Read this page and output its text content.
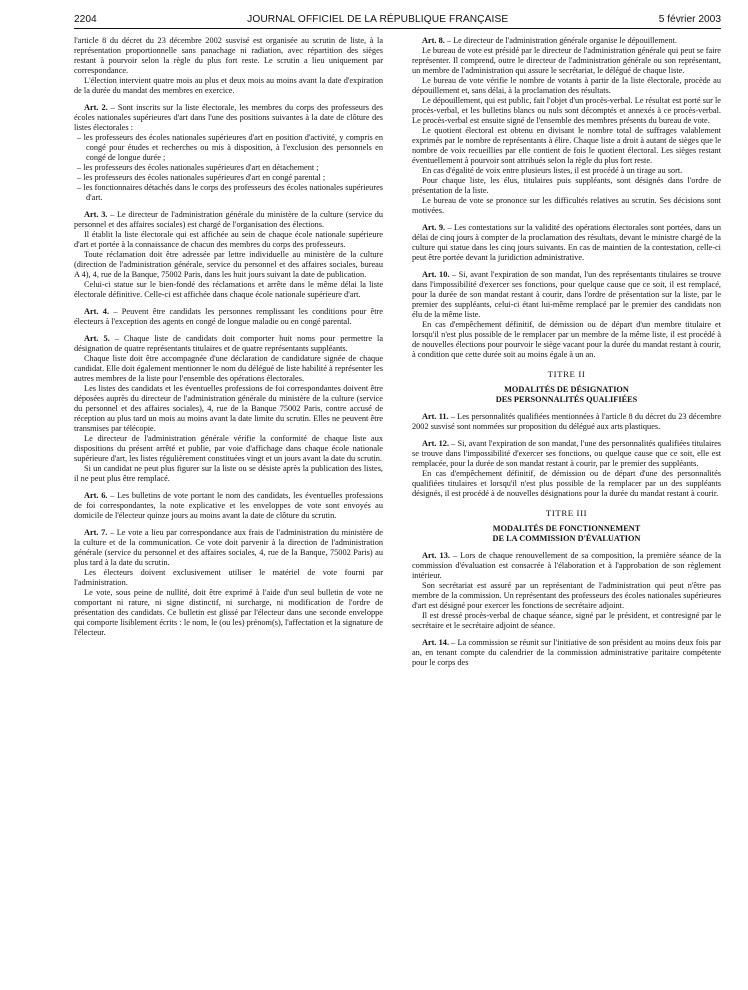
2204	JOURNAL OFFICIEL DE LA RÉPUBLIQUE FRANÇAISE	5 février 2003

l'article 8 du décret du 23 décembre 2002 susvisé est organisée au scrutin de liste, à la représentation proportionnelle sans panachage ni radiation, avec répartition des sièges restant à pourvoir selon la règle du plus fort reste. Le scrutin a lieu uniquement par correspondance.

L'élection intervient quatre mois au plus et deux mois au moins avant la date d'expiration de la durée du mandat des membres en exercice.

Art. 2. – Sont inscrits sur la liste électorale, les membres du corps des professeurs des écoles nationales supérieures d'art dans l'une des positions suivantes à la date de clôture des listes électorales :

– les professeurs des écoles nationales supérieures d'art en position d'activité, y compris en congé pour études et recherches ou mis à disposition, à l'exclusion des personnels en congé de longue durée ;
– les professeurs des écoles nationales supérieures d'art en détachement ;
– les professeurs des écoles nationales supérieures d'art en congé parental ;
– les fonctionnaires détachés dans le corps des professeurs des écoles nationales supérieures d'art.

Art. 3. – Le directeur de l'administration générale du ministère de la culture (service du personnel et des affaires sociales) est chargé de l'organisation des élections.

Il établit la liste électorale qui est affichée au sein de chaque école nationale supérieure d'art et portée à la connaissance de chacun des membres du corps des professeurs.

Toute réclamation doit être adressée par lettre individuelle au ministère de la culture (direction de l'administration générale, service du personnel et des affaires sociales, bureau A 4), 4, rue de la Banque, 75002 Paris, dans les huit jours suivant la date de publication.

Celui-ci statue sur le bien-fondé des réclamations et arrête dans le même délai la liste électorale définitive. Celle-ci est affichée dans chaque école nationale supérieure d'art.

Art. 4. – Peuvent être candidats les personnes remplissant les conditions pour être électeurs à l'exception des agents en congé de longue maladie ou en congé parental.

Art. 5. – Chaque liste de candidats doit comporter huit noms pour permettre la désignation de quatre représentants titulaires et de quatre représentants suppléants.

Chaque liste doit être accompagnée d'une déclaration de candidature signée de chaque candidat. Elle doit également mentionner le nom du délégué de liste habilité à représenter les autres membres de la liste pour l'ensemble des opérations électorales.

Les listes des candidats et les éventuelles professions de foi correspondantes doivent être déposées auprès du directeur de l'administration générale du ministère de la culture (service du personnel et des affaires sociales), 4, rue de la Banque 75002 Paris, contre accusé de réception au plus tard un mois au moins avant la date limite du scrutin. Elles ne peuvent être transmises par télécopie.

Le directeur de l'administration générale vérifie la conformité de chaque liste aux dispositions du présent arrêté et publie, par voie d'affichage dans chaque école nationale supérieure d'art, les listes régulièrement constituées vingt et un jours avant la date du scrutin.

Si un candidat ne peut plus figurer sur la liste ou se désiste après la publication des listes, il ne peut plus être remplacé.

Art. 6. – Les bulletins de vote portant le nom des candidats, les éventuelles professions de foi correspondantes, la note explicative et les enveloppes de vote sont envoyés au domicile de l'électeur quinze jours au moins avant la date de clôture du scrutin.

Art. 7. – Le vote a lieu par correspondance aux frais de l'administration du ministère de la culture et de la communication. Ce vote doit parvenir à la direction de l'administration générale (service du personnel et des affaires sociales, 4, rue de la Banque, 75002 Paris) au plus tard à la date du scrutin.

Les électeurs doivent exclusivement utiliser le matériel de vote fourni par l'administration.

Le vote, sous peine de nullité, doit être exprimé à l'aide d'un seul bulletin de vote ne comportant ni rature, ni signe distinctif, ni surcharge, ni modification de l'ordre de présentation des candidats. Ce bulletin est glissé par l'électeur dans une seconde enveloppe qui comporte lisiblement écrits : le nom, le (ou les) prénom(s), l'affectation et la signature de l'électeur.

Art. 8. – Le directeur de l'administration générale organise le dépouillement.

Le bureau de vote est présidé par le directeur de l'administration générale qui peut se faire représenter. Il comprend, outre le directeur de l'administration générale ou son représentant, un membre de l'administration qui assure le secrétariat, le délégué de chaque liste.

Le bureau de vote vérifie le nombre de votants à partir de la liste électorale, procède au dépouillement et, sans délai, à la proclamation des résultats.

Le dépouillement, qui est public, fait l'objet d'un procès-verbal. Le résultat est porté sur le procès-verbal, et les bulletins blancs ou nuls sont décomptés et annexés à ce procès-verbal. Le procès-verbal est ensuite signé de l'ensemble des membres présents du bureau de vote.

Le quotient électoral est obtenu en divisant le nombre total de suffrages valablement exprimés par le nombre de représentants à élire. Chaque liste a droit à autant de sièges que le nombre de voix recueillies par elle contient de fois le quotient électoral. Les sièges restant éventuellement à pourvoir sont attribués selon la règle du plus fort reste.

En cas d'égalité de voix entre plusieurs listes, il est procédé à un tirage au sort.

Pour chaque liste, les élus, titulaires puis suppléants, sont désignés dans l'ordre de présentation de la liste.

Le bureau de vote se prononce sur les difficultés relatives au scrutin. Ses décisions sont motivées.

Art. 9. – Les contestations sur la validité des opérations électorales sont portées, dans un délai de cinq jours à compter de la proclamation des résultats, devant le ministre chargé de la culture qui statue dans les cinq jours suivants. En cas de maintien de la contestation, celle-ci peut être portée devant la juridiction administrative.

Art. 10. – Si, avant l'expiration de son mandat, l'un des représentants titulaires se trouve dans l'impossibilité d'exercer ses fonctions, pour quelque cause que ce soit, il est remplacé, pour la durée de son mandat restant à courir, dans l'ordre de présentation sur la liste, par le premier des suppléants, celui-ci étant lui-même remplacé par le premier des candidats non élu de la même liste.

En cas d'empêchement définitif, de démission ou de départ d'un membre titulaire et lorsqu'il n'est plus possible de le remplacer par un membre de la même liste, il est procédé à de nouvelles élections pour pourvoir le siège vacant pour la durée du mandat restant à courir, à condition que cette durée soit au moins égale à un an.

TITRE II
MODALITÉS DE DÉSIGNATION
DES PERSONNALITÉS QUALIFIÉES

Art. 11. – Les personnalités qualifiées mentionnées à l'article 8 du décret du 23 décembre 2002 susvisé sont nommées sur proposition du délégué aux arts plastiques.

Art. 12. – Si, avant l'expiration de son mandat, l'une des personnalités qualifiées titulaires se trouve dans l'impossibilité d'exercer ses fonctions, ou quelque cause que ce soit, elle est remplacée, pour la durée de son mandat restant à courir, par le premier des suppléants.

En cas d'empêchement définitif, de démission ou de départ d'une des personnalités qualifiées titulaires et lorsqu'il n'est plus possible de la remplacer par un des suppléants désignés, il est procédé à de nouvelles désignations pour la durée du mandat restant à courir.

TITRE III
MODALITÉS DE FONCTIONNEMENT
DE LA COMMISSION D'ÉVALUATION

Art. 13. – Lors de chaque renouvellement de sa composition, la première séance de la commission d'évaluation est consacrée à l'élaboration et à l'approbation de son règlement intérieur.

Son secrétariat est assuré par un représentant de l'administration qui peut n'être pas membre de la commission. Un représentant des professeurs des écoles nationales supérieures d'art est désigné pour exercer les fonctions de secrétaire adjoint.

Il est dressé procès-verbal de chaque séance, signé par le président, et contresigné par le secrétaire et le secrétaire adjoint de séance.

Art. 14. – La commission se réunit sur l'initiative de son président au moins deux fois par an, en tenant compte du calendrier de la commission administrative paritaire compétente pour le corps des
